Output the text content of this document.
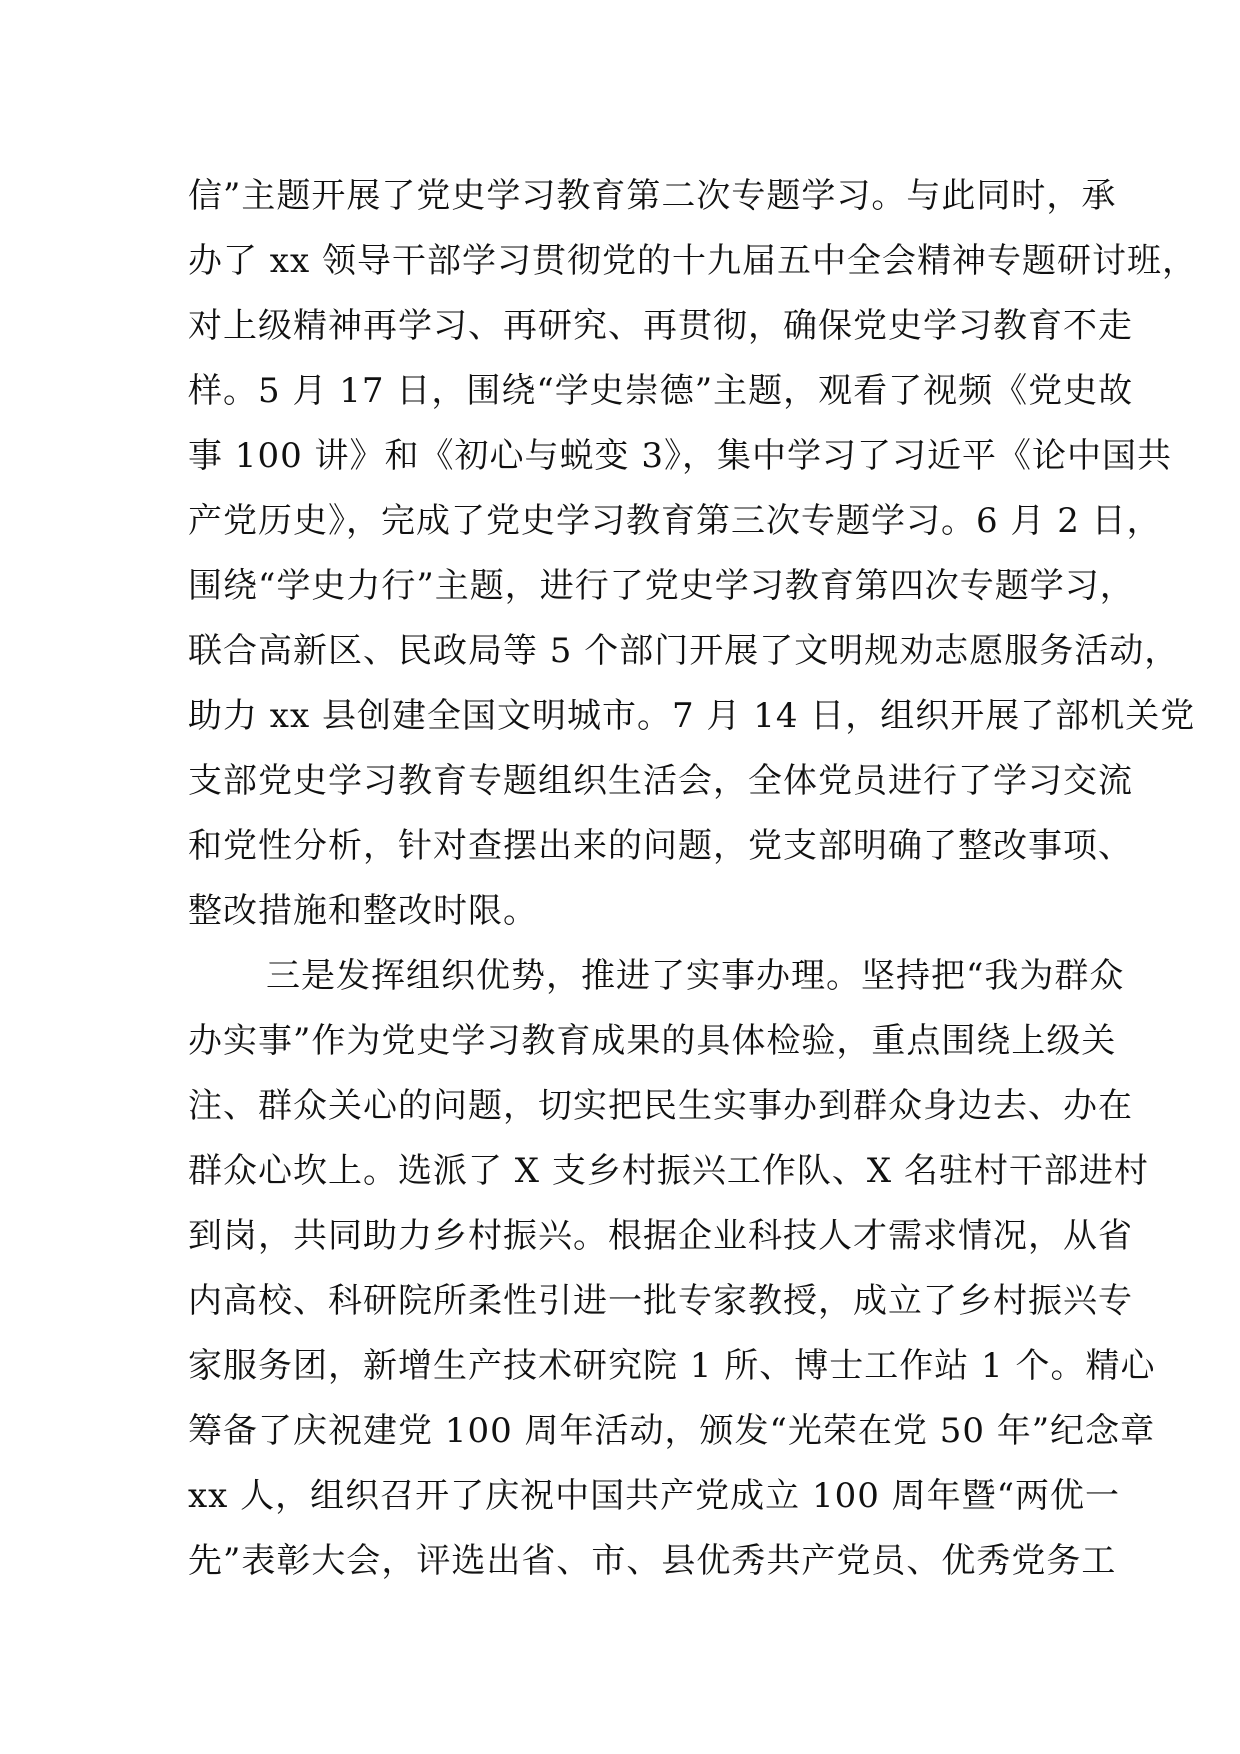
信”主题开展了党史学习教育第二次专题学习。与此同时，承
办了 xx 领导干部学习贯彻党的十九届五中全会精神专题研讨班，
对上级精神再学习、再研究、再贯彻，确保党史学习教育不走
样。5 月 17 日，围绕“学史崇德”主题，观看了视频《党史故
事 100 讲》和《初心与蜕变 3》，集中学习了习近平《论中国共
产党历史》，完成了党史学习教育第三次专题学习。6 月 2 日，
围绕“学史力行”主题，进行了党史学习教育第四次专题学习，
联合高新区、民政局等 5 个部门开展了文明规劝志愿服务活动，
助力 xx 县创建全国文明城市。7 月 14 日，组织开展了部机关党
支部党史学习教育专题组织生活会，全体党员进行了学习交流
和党性分析，针对查摆出来的问题，党支部明确了整改事项、
整改措施和整改时限。
三是发挥组织优势，推进了实事办理。坚持把“我为群众
办实事”作为党史学习教育成果的具体检验，重点围绕上级关
注、群众关心的问题，切实把民生实事办到群众身边去、办在
群众心坎上。选派了 X 支乡村振兴工作队、X 名驻村干部进村
到岗，共同助力乡村振兴。根据企业科技人才需求情况，从省
内高校、科研院所柔性引进一批专家教授，成立了乡村振兴专
家服务团，新增生产技术研究院 1 所、博士工作站 1 个。精心
筹备了庆祝建党 100 周年活动，颁发“光荣在党 50 年”纪念章
xx 人，组织召开了庆祝中国共产党成立 100 周年暨“两优一
先”表彰大会，评选出省、市、县优秀共产党员、优秀党务工
